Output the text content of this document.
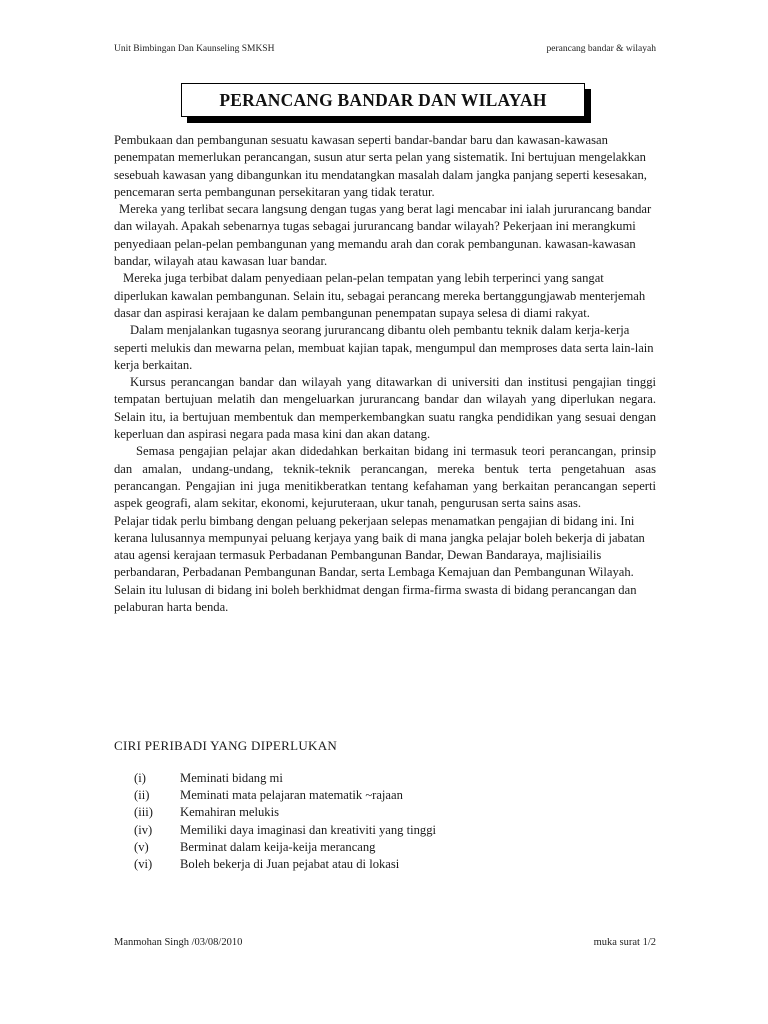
Unit Bimbingan Dan Kaunseling SMKSH	perancang bandar & wilayah
PERANCANG BANDAR DAN WILAYAH

Pembukaan dan pembangunan sesuatu kawasan seperti bandar-bandar baru dan kawasan-kawasan penempatan memerlukan perancangan, susun atur serta pelan yang sistematik. Ini bertujuan mengelakkan sesebuah kawasan yang dibangunkan itu mendatangkan masalah dalam jangka panjang seperti kesesakan, pencemaran serta pembangunan persekitaran yang tidak teratur.

Mereka yang terlibat secara langsung dengan tugas yang berat lagi mencabar ini ialah jururancang bandar dan wilayah. Apakah sebenarnya tugas sebagai jururancang bandar wilayah? Pekerjaan ini merangkumi penyediaan pelan-pelan pembangunan yang memandu arah dan corak pembangunan. kawasan-kawasan bandar, wilayah atau kawasan luar bandar.

Mereka juga terbibat dalam penyediaan pelan-pelan tempatan yang lebih terperinci yang sangat diperlukan kawalan pembangunan. Selain itu, sebagai perancang mereka bertanggungjawab menterjemah dasar dan aspirasi kerajaan ke dalam pembangunan penempatan supaya selesa di diami rakyat.

Dalam menjalankan tugasnya seorang jururancang dibantu oleh pembantu teknik dalam kerja-kerja seperti melukis dan mewarna pelan, membuat kajian tapak, mengumpul dan memproses data serta lain-lain kerja berkaitan.

Kursus perancangan bandar dan wilayah yang ditawarkan di universiti dan institusi pengajian tinggi tempatan bertujuan melatih dan mengeluarkan jururancang bandar dan wilayah yang diperlukan negara. Selain itu, ia bertujuan membentuk dan memperkembangkan suatu rangka pendidikan yang sesuai dengan keperluan dan aspirasi negara pada masa kini dan akan datang.

Semasa pengajian pelajar akan didedahkan berkaitan bidang ini termasuk teori perancangan, prinsip dan amalan, undang-undang, teknik-teknik perancangan, mereka bentuk terta pengetahuan asas perancangan. Pengajian ini juga menitikberatkan tentang kefahaman yang berkaitan perancangan seperti aspek geografi, alam sekitar, ekonomi, kejuruteraan, ukur tanah, pengurusan serta sains asas.

Pelajar tidak perlu bimbang dengan peluang pekerjaan selepas menamatkan pengajian di bidang ini. Ini kerana lulusannya mempunyai peluang kerjaya yang baik di mana jangka pelajar boleh bekerja di jabatan atau agensi kerajaan termasuk Perbadanan Pembangunan Bandar, Dewan Bandaraya, majlisiailis perbandaran, Perbadanan Pembangunan Bandar, serta Lembaga Kemajuan dan Pembangunan Wilayah. Selain itu lulusan di bidang ini boleh berkhidmat dengan firma-firma swasta di bidang perancangan dan pelaburan harta benda.

CIRI PERIBADI YANG DIPERLUKAN
(i)	Meminati bidang mi
(ii) Meminati mata pelajaran matematik ~rajaan
(iii) Kemahiran melukis
(iv) Memiliki daya imaginasi dan kreativiti yang tinggi
(v) Berminat dalam keija-keija merancang
(vi) Boleh bekerja di Juan pejabat atau di lokasi
Manmohan Singh /03/08/2010	muka surat 1/2
